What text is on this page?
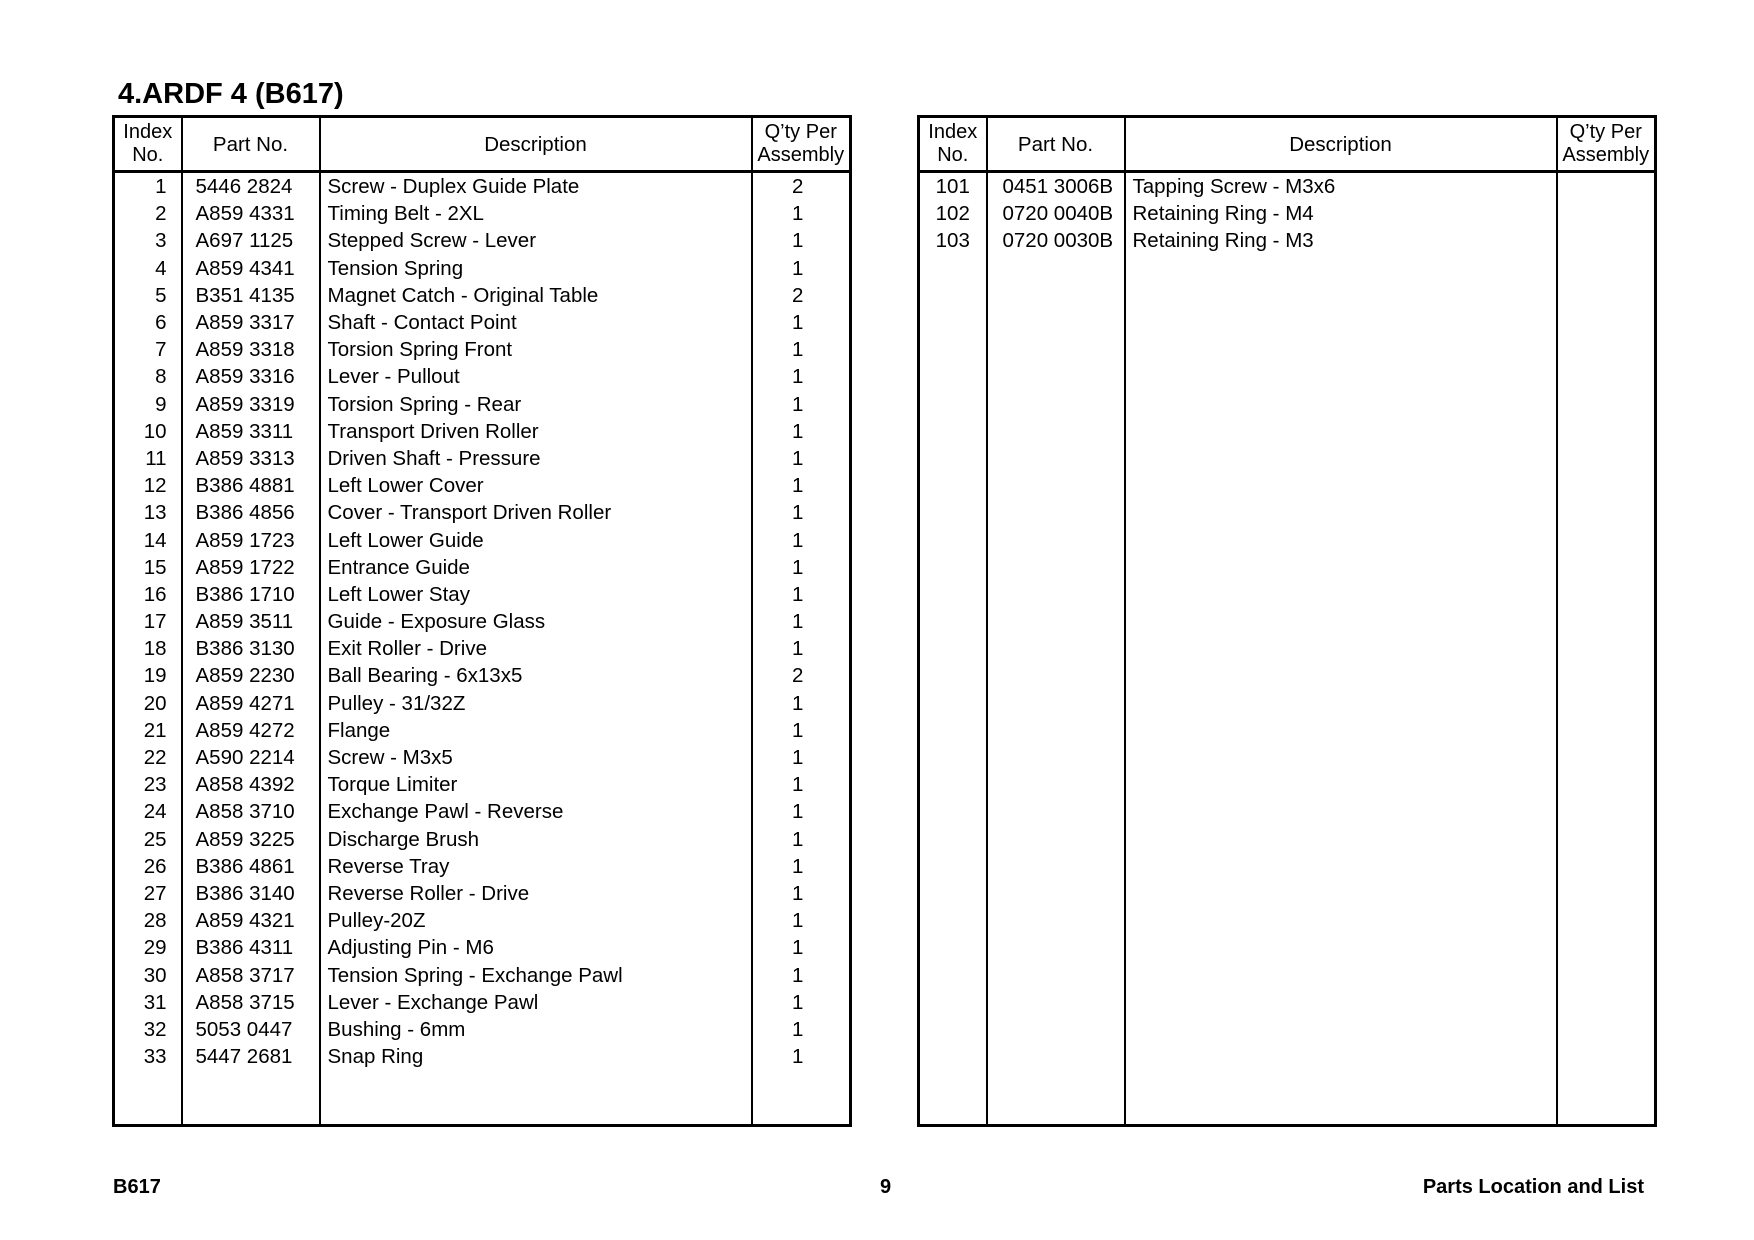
4.ARDF 4 (B617)
Index
No.	Part No.	Description	Q’ty Per
Assembly
1	5446 2824	Screw - Duplex Guide Plate	2
2	A859 4331	Timing Belt - 2XL	1
3	A697 1125	Stepped Screw - Lever	1
4	A859 4341	Tension Spring	1
5	B351 4135	Magnet Catch - Original Table	2
6	A859 3317	Shaft - Contact Point	1
7	A859 3318	Torsion Spring Front	1
8	A859 3316	Lever - Pullout	1
9	A859 3319	Torsion Spring - Rear	1
10	A859 3311	Transport Driven Roller	1
11	A859 3313	Driven Shaft - Pressure	1
12	B386 4881	Left Lower Cover	1
13	B386 4856	Cover - Transport Driven Roller	1
14	A859 1723	Left Lower Guide	1
15	A859 1722	Entrance Guide	1
16	B386 1710	Left Lower Stay	1
17	A859 3511	Guide - Exposure Glass	1
18	B386 3130	Exit Roller - Drive	1
19	A859 2230	Ball Bearing - 6x13x5	2
20	A859 4271	Pulley - 31/32Z	1
21	A859 4272	Flange	1
22	A590 2214	Screw - M3x5	1
23	A858 4392	Torque Limiter	1
24	A858 3710	Exchange Pawl - Reverse	1
25	A859 3225	Discharge Brush	1
26	B386 4861	Reverse Tray	1
27	B386 3140	Reverse Roller - Drive	1
28	A859 4321	Pulley-20Z	1
29	B386 4311	Adjusting Pin - M6	1
30	A858 3717	Tension Spring - Exchange Pawl	1
31	A858 3715	Lever - Exchange Pawl	1
32	5053 0447	Bushing - 6mm	1
33	5447 2681	Snap Ring	1

Index
No.	Part No.	Description	Q’ty Per
Assembly
101	0451 3006B	Tapping Screw - M3x6	
102	0720 0040B	Retaining Ring - M4	
103	0720 0030B	Retaining Ring - M3	

B617	9	Parts Location and List
